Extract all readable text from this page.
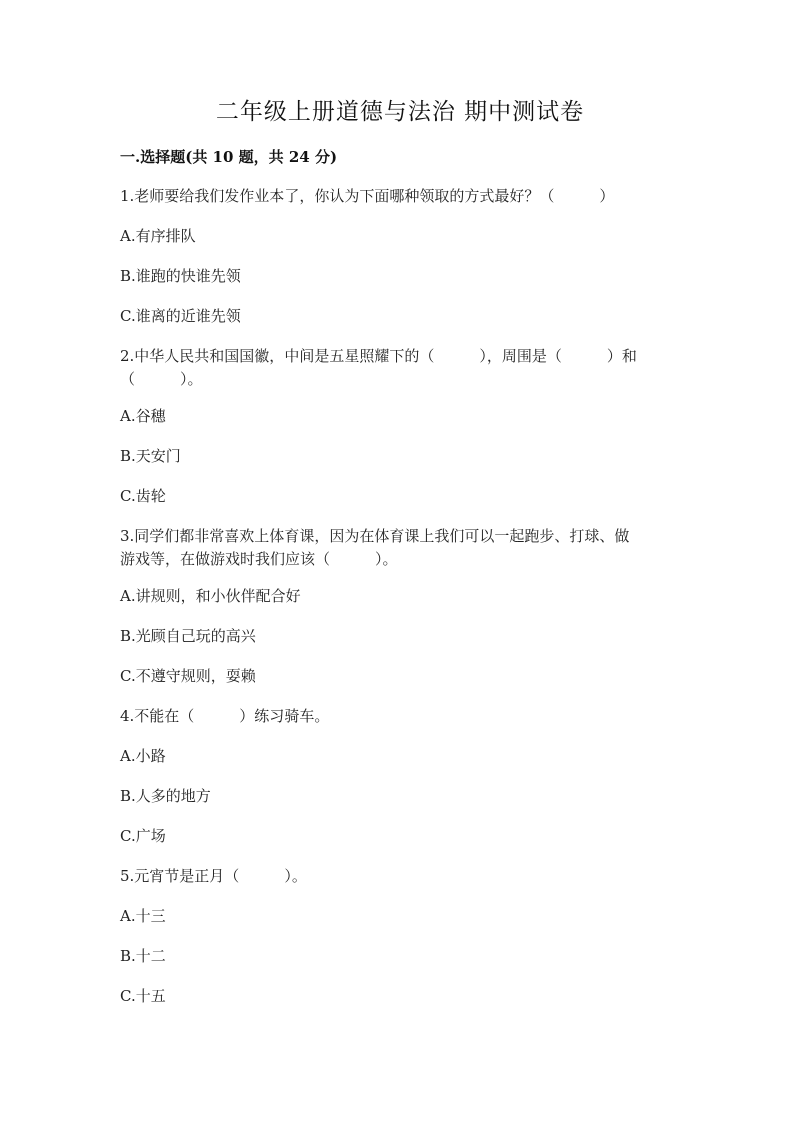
二年级上册道德与法治 期中测试卷
一.选择题(共 10 题，共 24 分)
1.老师要给我们发作业本了，你认为下面哪种领取的方式最好？（　　　）
A.有序排队
B.谁跑的快谁先领
C.谁离的近谁先领
2.中华人民共和国国徽，中间是五星照耀下的（　　　），周围是（　　　）和
（　　　）。
A.谷穗
B.天安门
C.齿轮
3.同学们都非常喜欢上体育课，因为在体育课上我们可以一起跑步、打球、做
游戏等，在做游戏时我们应该（　　　）。
A.讲规则，和小伙伴配合好
B.光顾自己玩的高兴
C.不遵守规则，耍赖
4.不能在（　　　）练习骑车。
A.小路
B.人多的地方
C.广场
5.元宵节是正月（　　　）。
A.十三
B.十二
C.十五
